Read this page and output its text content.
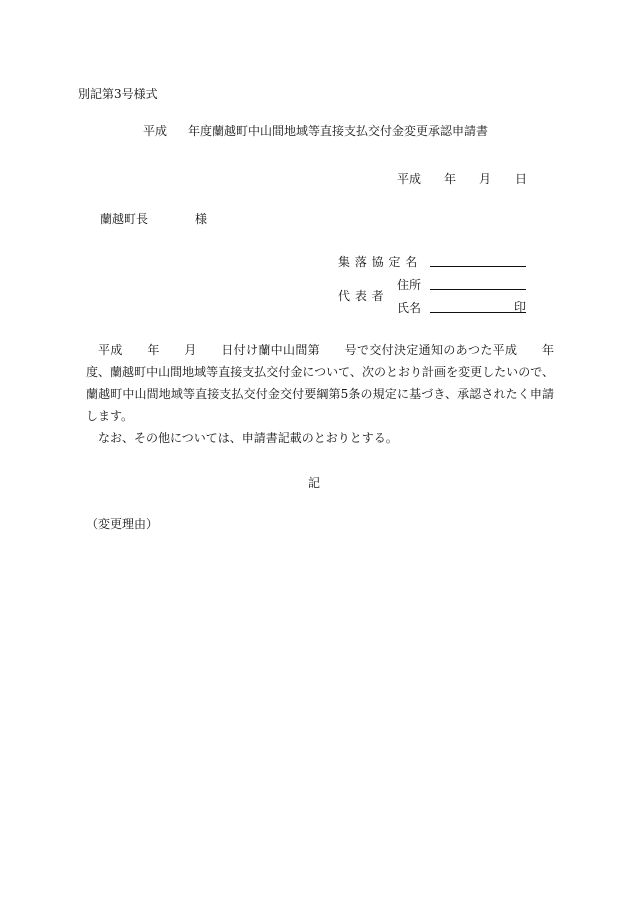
別記第3号様式
平成 年度蘭越町中山間地域等直接支払交付金変更承認申請書
平成 年 月 日
蘭越町長	様
集 落 協 定 名
代 表 者
住所
氏名	印

平成　　年　　月　　日付け蘭中山間第　　号で交付決定通知のあつた平成　　年度、蘭越町中山間地域等直接支払交付金について、次のとおり計画を変更したいので、蘭越町中山間地域等直接支払交付金交付要綱第5条の規定に基づき、承認されたく申請します。

なお、その他については、申請書記載のとおりとする。

記
（変更理由）
